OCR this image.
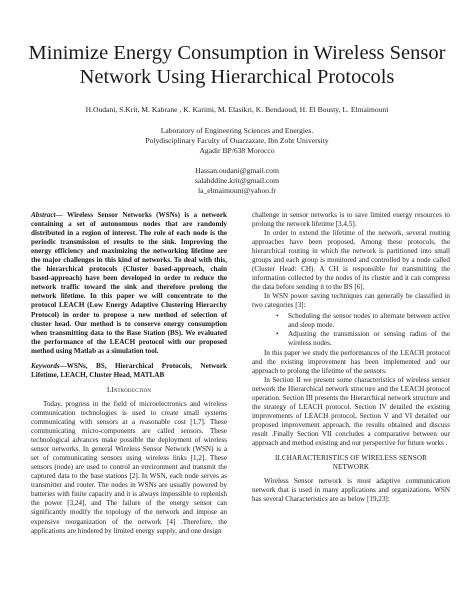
Minimize Energy Consumption in Wireless Sensor
Network Using Hierarchical Protocols
H.Oudani, S.Krit, M. Kabrane , K. Karimi, M. Elasikri, K. Bendaoud, H. El Bousty, L. Elmaimouni
Laboratory of Engineering Sciences and Energies.
Polydisciplinary Faculty of Ouarzazate, Ibn Zohr University
Agadir BP/638 Morocco
Hassan.oudani@gmail.com
salahddine.krit@gmail.com
la_elmaimouni@yahoo.fr

Abstract— Wireless Sensor Networks (WSNs) is a network containing a set of autonomous nodes that are randomly distributed in a region of interest. The role of each node is the periodic transmission of results to the sink. Improving the energy efficiency and maximizing the networking lifetime are the major challenges in this kind of networks. To deal with this, the hierarchical protocols (Cluster based-approach, chain based-approach) have been developed in order to reduce the network traffic toward the sink and therefore prolong the network lifetime. In this paper we will concentrate to the protocol LEACH (Low Energy Adaptive Clustering Hierarchy Protocol) in order to propose a new method of selection of cluster head. Our method is to conserve energy consumption when transmitting data to the Base Station (BS). We evaluated the performance of the LEACH protocol with our proposed method using Matlab as a simulation tool.

Keywords—WSNs, BS, Hierarchical Protocols, Network Lifetime, LEACH, Cluster Head, MATLAB

I.Introduction

Today, progress in the field of microelectronics and wireless communication technologies is used to create small systems communicating with sensors at a reasonable cost [1,7]. These communicating micro-components are called sensors. These technological advances make possible the deployment of wireless sensor networks. In general Wireless Sensor Network (WSN) is a set of communicating sensors using wireless links [1,2]. These sensors (node) are used to control an environment and transmit the captured data to the base stations [2]. In WSN, each node serves as transmitter and router. The nodes in WSNs are usually powered by batteries with finite capacity and it is always impossible to replenish the power [3,24], and The failure of the energy sensor can significantly modify the topology of the network and impose an expensive reorganization of the network [4] .Therefore, the applications are hindered by limited energy supply, and one design

challenge in sensor networks is to save limited energy resources to prolong the network lifetime [3,4,5].

In order to extend the lifetime of the network, several routing approaches have been proposed. Among these protocols, the hierarchical routing in which the network is partitioned into small groups and each group is monitored and controlled by a node called (Cluster Head: CH). A CH is responsible for transmitting the information collected by the nodes of its cluster and it can compress the data before sending it to the BS [6].

In WSN power saving techniques can generally be classified in two categories [3]:

• Scheduling the sensor nodes to alternate between active and sleep mode.
• Adjusting the transmission or sensing radius of the wireless nodes.

In this paper we study the performances of the LEACH protocol and the existing improvement has been implemented and our approach to prolong the lifetime of the sensors.

In Section II we present some characteristics of wireless sensor network the Hierarchical network structure and the LEACH protocol operation. Section III presents the Hierarchical network structure and the strategy of LEACH protocol. Section IV detailed the existing improvements of LEACH protocol, Section V and VI detailed our proposed improvement approach, the results obtained and discuss result .Finally Section VII concludes a comparative between our approach and method existing and our perspective for future works .

II.CHARACTERISTICS OF WIRELESS SENSOR
NETWORK

Wireless Sensor network is most adaptive communication network that is used in many applications and organizations. WSN has several Characteristics are as below [19,23]:
